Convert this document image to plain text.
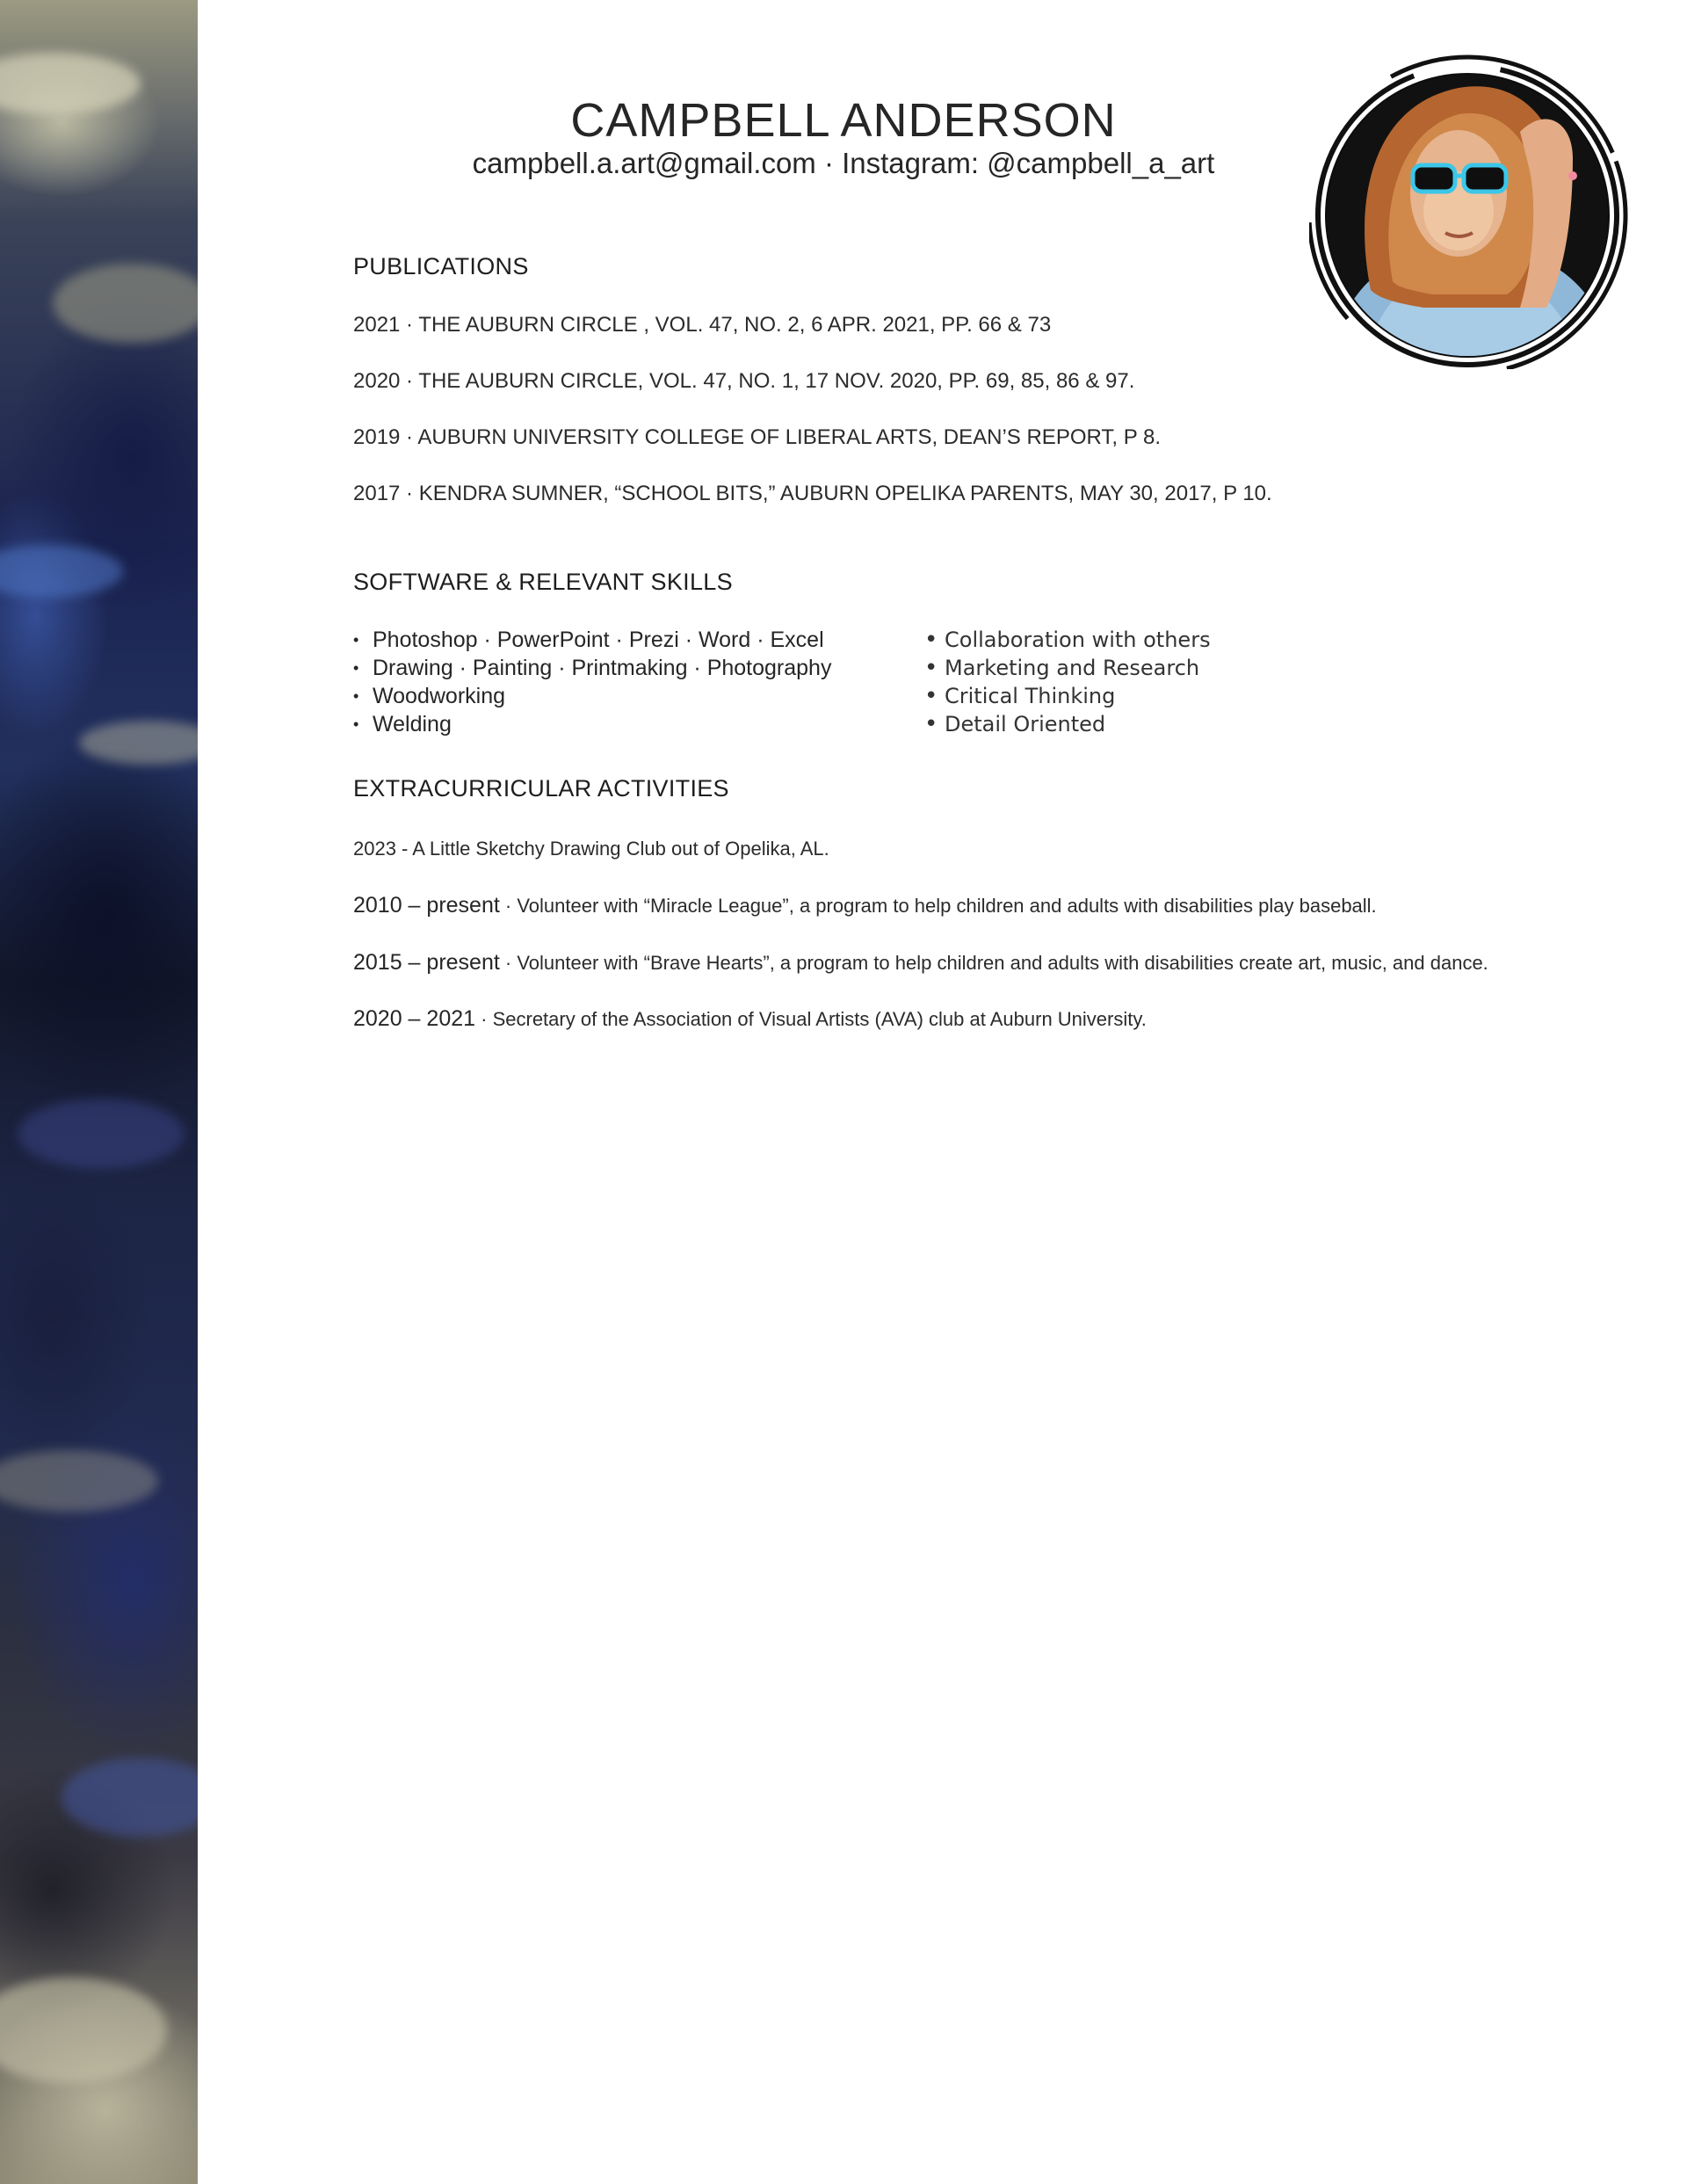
CAMPBELL ANDERSON

campbell.a.art@gmail.com · Instagram: @campbell_a_art

PUBLICATIONS

2021 · THE AUBURN CIRCLE , VOL. 47, NO. 2, 6 APR. 2021, PP. 66 & 73

2020 · THE AUBURN CIRCLE, VOL. 47, NO. 1, 17 NOV. 2020, PP. 69, 85, 86 & 97.

2019 · AUBURN UNIVERSITY COLLEGE OF LIBERAL ARTS, DEAN’S REPORT, P 8.

2017 · KENDRA SUMNER, “SCHOOL BITS,” AUBURN OPELIKA PARENTS, MAY 30, 2017, P 10.

SOFTWARE & RELEVANT SKILLS
• Photoshop · PowerPoint · Prezi · Word · Excel
• Drawing · Painting · Printmaking · Photography
• Woodworking
• Welding
• Collaboration with others
• Marketing and Research
• Critical Thinking
• Detail Oriented
EXTRACURRICULAR ACTIVITIES

2023 - A Little Sketchy Drawing Club out of Opelika, AL.

2010 – present · Volunteer with “Miracle League”, a program to help children and adults with disabilities play baseball.

2015 – present · Volunteer with “Brave Hearts”, a program to help children and adults with disabilities create art, music, and dance.

2020 – 2021 · Secretary of the Association of Visual Artists (AVA) club at Auburn University.
